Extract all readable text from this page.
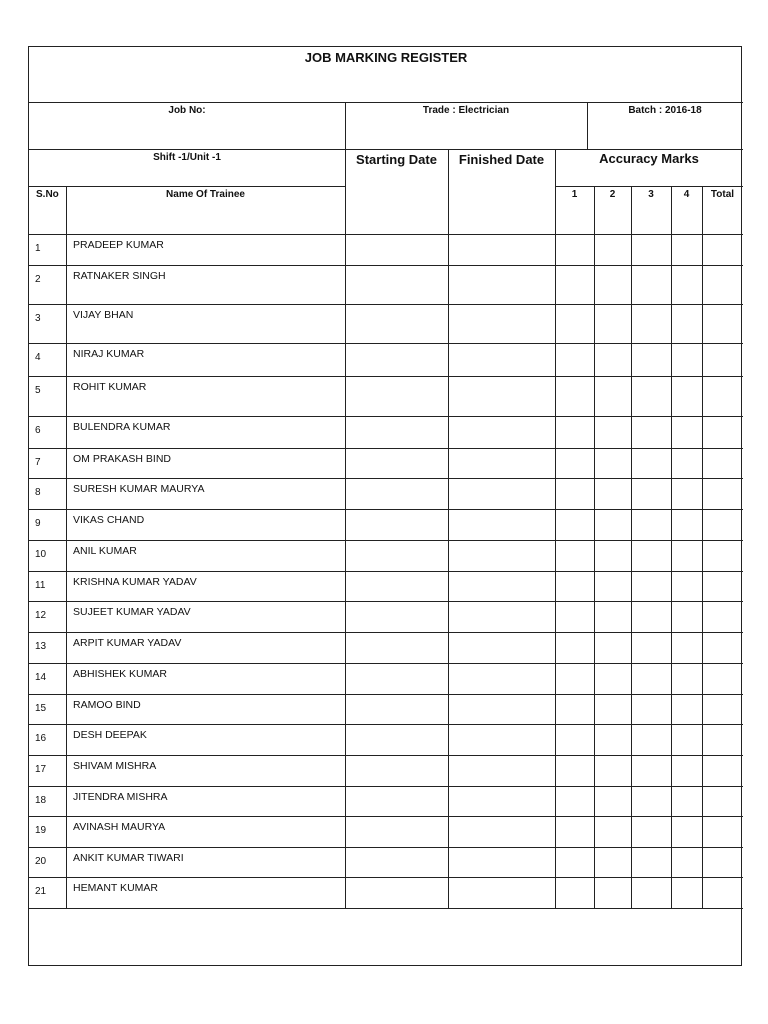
JOB MARKING REGISTER
Job No:	Trade : Electrician	Batch : 2016-18
Shift -1/Unit -1	Starting Date	Finished Date	Accuracy Marks
S.No	Name Of Trainee	1	2	3	4	Total
1	PRADEEP KUMAR
2	RATNAKER SINGH
3	VIJAY BHAN
4	NIRAJ KUMAR
5	ROHIT KUMAR
6	BULENDRA KUMAR
7	OM PRAKASH BIND
8	SURESH KUMAR MAURYA
9	VIKAS CHAND
10	ANIL KUMAR
11	KRISHNA KUMAR YADAV
12	SUJEET KUMAR YADAV
13	ARPIT KUMAR YADAV
14	ABHISHEK KUMAR
15	RAMOO BIND
16	DESH DEEPAK
17	SHIVAM MISHRA
18	JITENDRA MISHRA
19	AVINASH MAURYA
20	ANKIT KUMAR TIWARI
21	HEMANT KUMAR
